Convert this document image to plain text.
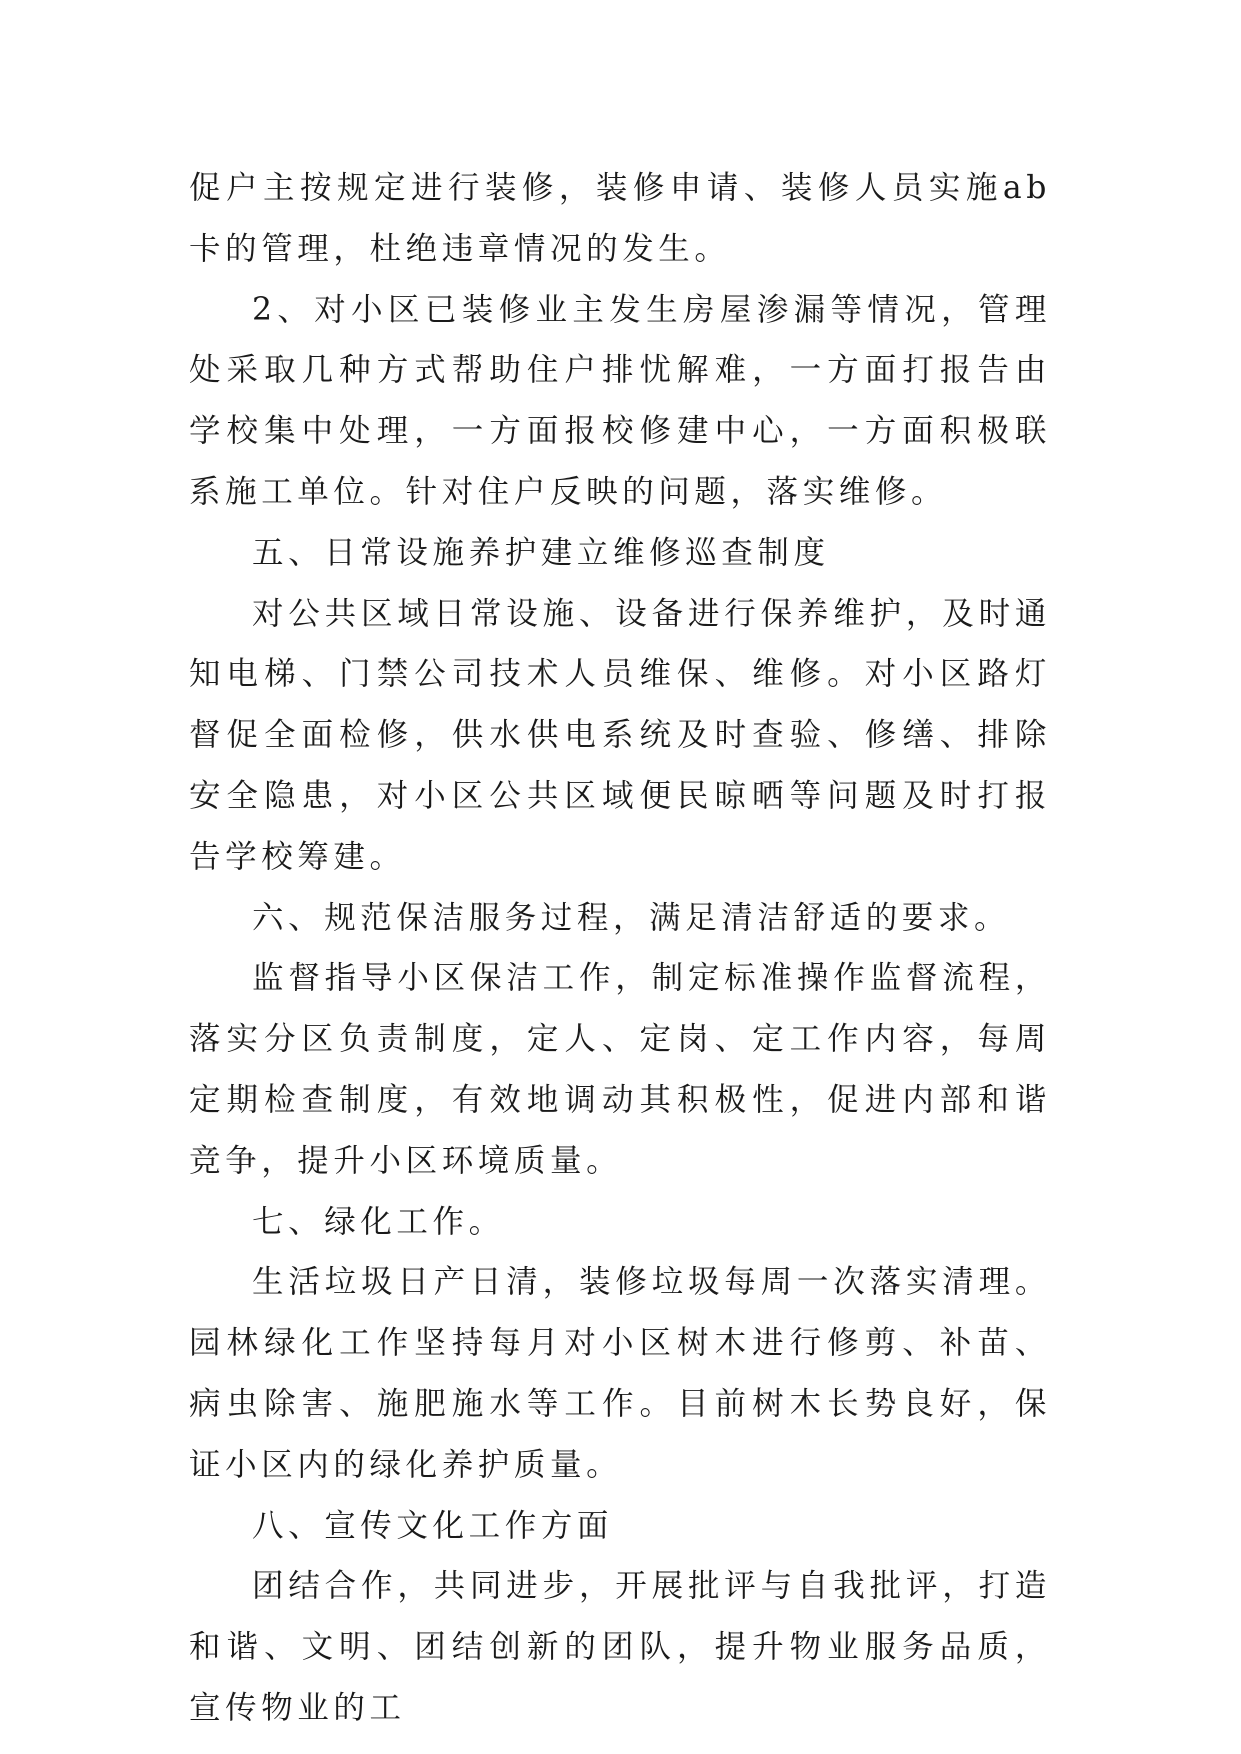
促户主按规定进行装修，装修申请、装修人员实施ab卡的管理，杜绝违章情况的发生。

2、对小区已装修业主发生房屋渗漏等情况，管理处采取几种方式帮助住户排忧解难，一方面打报告由学校集中处理，一方面报校修建中心，一方面积极联系施工单位。针对住户反映的问题，落实维修。

五、日常设施养护建立维修巡查制度

对公共区域日常设施、设备进行保养维护，及时通知电梯、门禁公司技术人员维保、维修。对小区路灯督促全面检修，供水供电系统及时查验、修缮、排除安全隐患，对小区公共区域便民晾晒等问题及时打报告学校筹建。

六、规范保洁服务过程，满足清洁舒适的要求。

监督指导小区保洁工作，制定标准操作监督流程，落实分区负责制度，定人、定岗、定工作内容，每周定期检查制度，有效地调动其积极性，促进内部和谐竞争，提升小区环境质量。

七、绿化工作。

生活垃圾日产日清，装修垃圾每周一次落实清理。园林绿化工作坚持每月对小区树木进行修剪、补苗、病虫除害、施肥施水等工作。目前树木长势良好，保证小区内的绿化养护质量。

八、宣传文化工作方面

团结合作，共同进步，开展批评与自我批评，打造和谐、文明、团结创新的团队，提升物业服务品质，宣传物业的工
